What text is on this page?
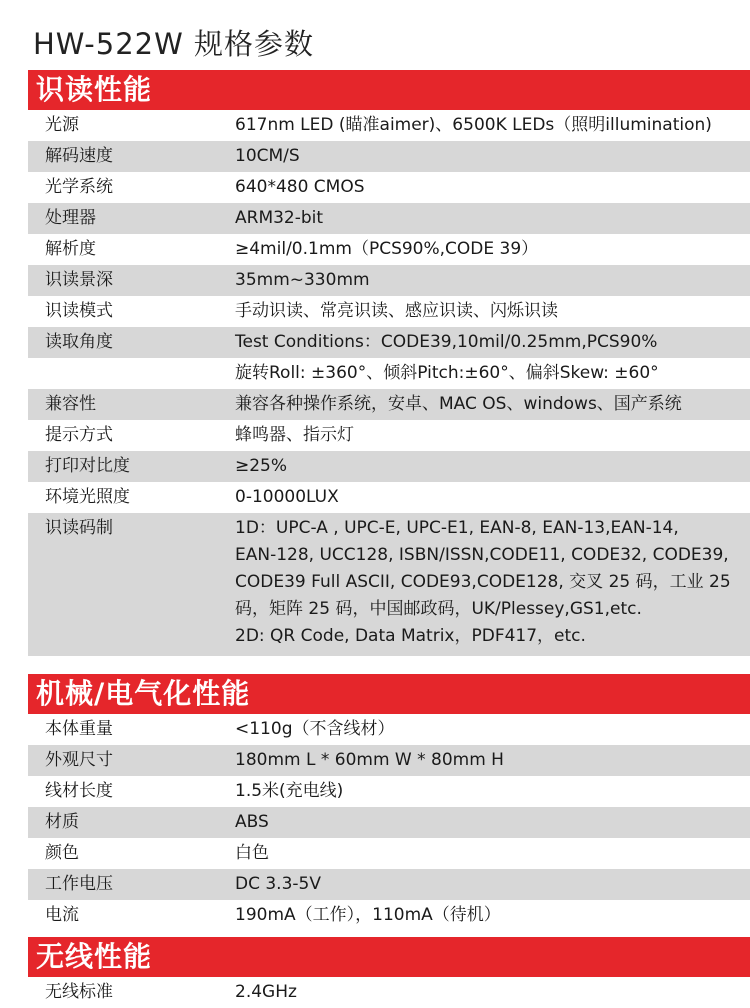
HW-522W 规格参数
识读性能
光源	617nm LED (瞄准aimer)、6500K LEDs（照明illumination)
解码速度	10CM/S
光学系统	640*480 CMOS
处理器	ARM32-bit
解析度	≥4mil/0.1mm（PCS90%,CODE 39）
识读景深	35mm~330mm
识读模式	手动识读、常亮识读、感应识读、闪烁识读
读取角度	Test Conditions：CODE39,10mil/0.25mm,PCS90%
旋转Roll: ±360°、倾斜Pitch:±60°、偏斜Skew: ±60°
兼容性	兼容各种操作系统，安卓、MAC OS、windows、国产系统
提示方式	蜂鸣器、指示灯
打印对比度	≥25%
环境光照度	0-10000LUX
识读码制	1D：UPC-A , UPC-E, UPC-E1, EAN-8, EAN-13,EAN-14,
EAN-128, UCC128, ISBN/ISSN,CODE11, CODE32, CODE39,
CODE39 Full ASCII, CODE93,CODE128, 交叉 25 码，工业 25
码，矩阵 25 码，中国邮政码，UK/Plessey,GS1,etc.
2D: QR Code, Data Matrix，PDF417，etc.
机械/电气化性能
本体重量	<110g（不含线材）
外观尺寸	180mm L * 60mm W * 80mm H
线材长度	1.5米(充电线)
材质	ABS
颜色	白色
工作电压	DC 3.3-5V
电流	190mA（工作），110mA（待机）
无线性能
无线标准	2.4GHz
